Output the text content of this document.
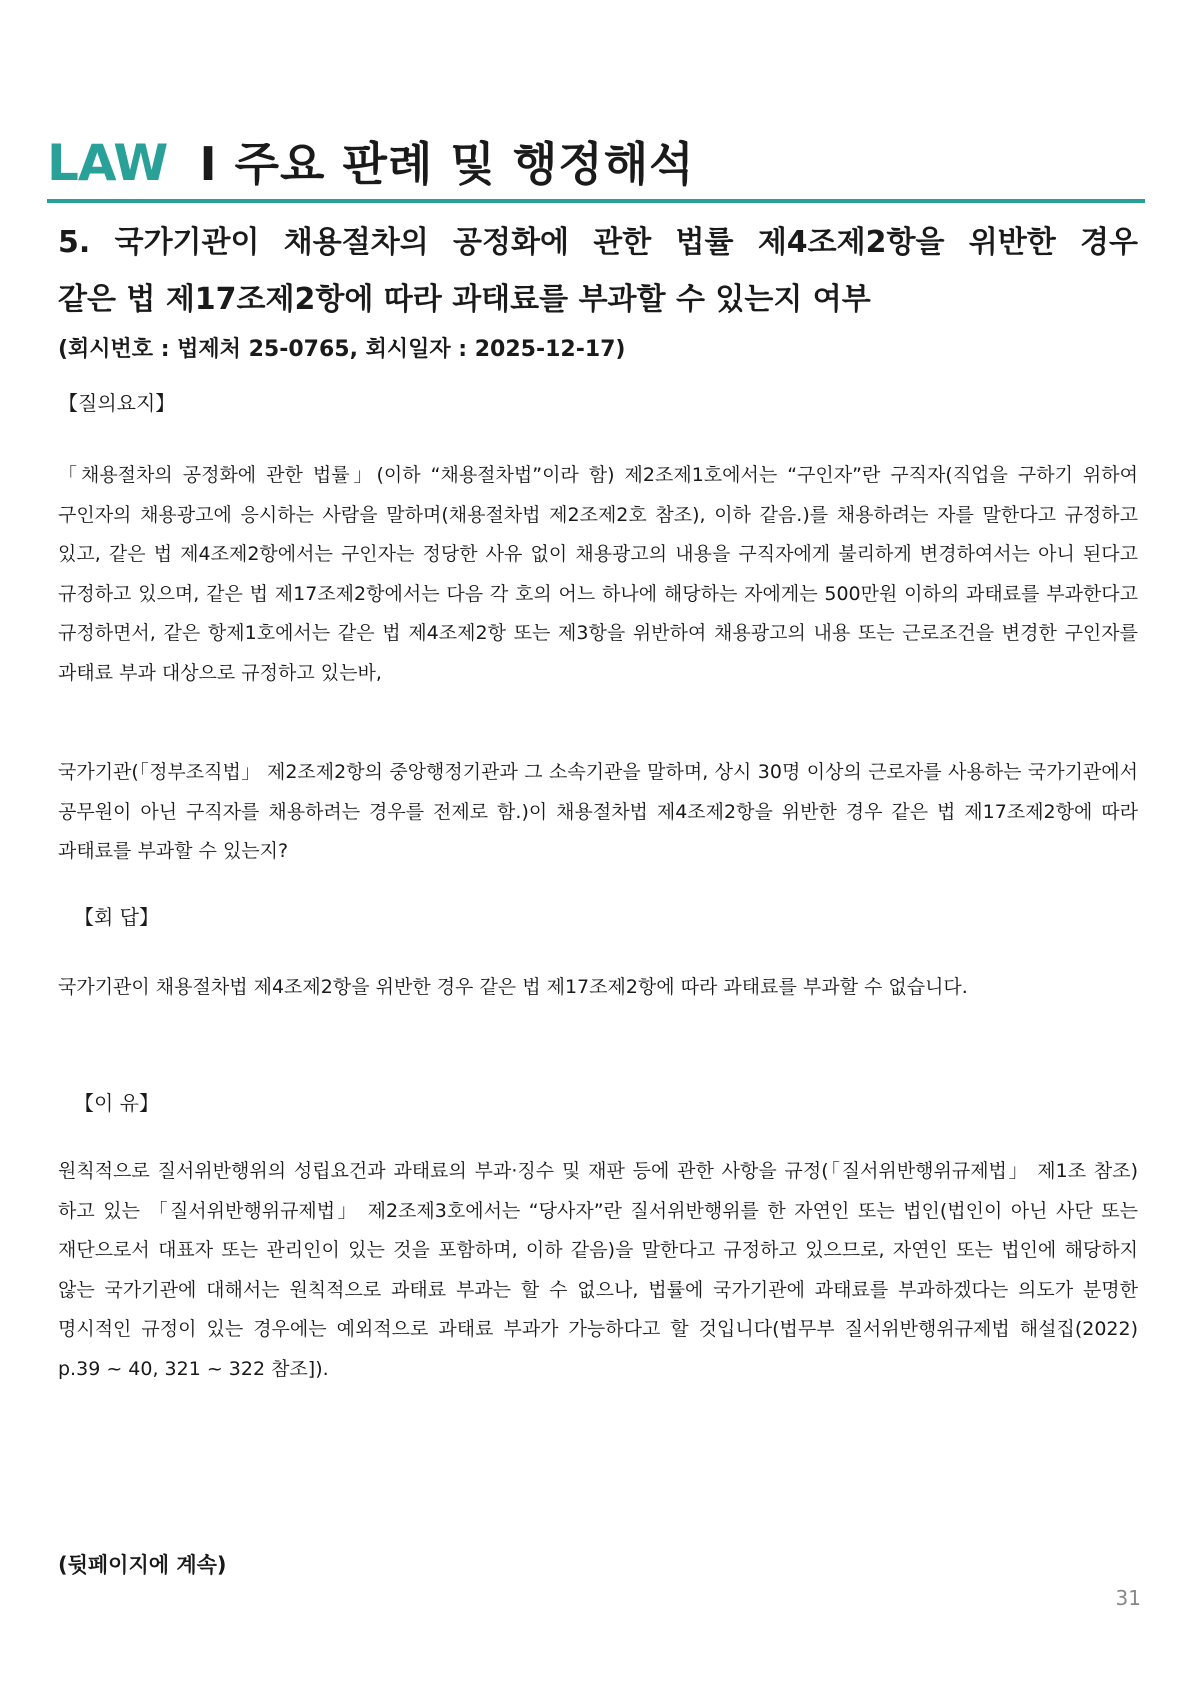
LAW I 주요 판례 및 행정해석
5. 국가기관이 채용절차의 공정화에 관한 법률 제4조제2항을 위반한 경우
같은 법 제17조제2항에 따라 과태료를 부과할 수 있는지 여부
(회시번호 : 법제처 25-0765, 회시일자 : 2025-12-17)
【질의요지】
「채용절차의 공정화에 관한 법률」(이하 “채용절차법”이라 함) 제2조제1호에서는 “구인자”란 구직자(직업을 구하기 위하여 구인자의 채용광고에 응시하는 사람을 말하며(채용절차법 제2조제2호 참조), 이하 같음.)를 채용하려는 자를 말한다고 규정하고 있고, 같은 법 제4조제2항에서는 구인자는 정당한 사유 없이 채용광고의 내용을 구직자에게 불리하게 변경하여서는 아니 된다고 규정하고 있으며, 같은 법 제17조제2항에서는 다음 각 호의 어느 하나에 해당하는 자에게는 500만원 이하의 과태료를 부과한다고 규정하면서, 같은 항제1호에서는 같은 법 제4조제2항 또는 제3항을 위반하여 채용광고의 내용 또는 근로조건을 변경한 구인자를 과태료 부과 대상으로 규정하고 있는바,
국가기관(「정부조직법」 제2조제2항의 중앙행정기관과 그 소속기관을 말하며, 상시 30명 이상의 근로자를 사용하는 국가기관에서 공무원이 아닌 구직자를 채용하려는 경우를 전제로 함.)이 채용절차법 제4조제2항을 위반한 경우 같은 법 제17조제2항에 따라 과태료를 부과할 수 있는지?
【회 답】
국가기관이 채용절차법 제4조제2항을 위반한 경우 같은 법 제17조제2항에 따라 과태료를 부과할 수 없습니다.
【이 유】
원칙적으로 질서위반행위의 성립요건과 과태료의 부과·징수 및 재판 등에 관한 사항을 규정(「질서위반행위규제법」 제1조 참조)하고 있는 「질서위반행위규제법」 제2조제3호에서는 “당사자”란 질서위반행위를 한 자연인 또는 법인(법인이 아닌 사단 또는 재단으로서 대표자 또는 관리인이 있는 것을 포함하며, 이하 같음)을 말한다고 규정하고 있으므로, 자연인 또는 법인에 해당하지 않는 국가기관에 대해서는 원칙적으로 과태료 부과는 할 수 없으나, 법률에 국가기관에 과태료를 부과하겠다는 의도가 분명한 명시적인 규정이 있는 경우에는 예외적으로 과태료 부과가 가능하다고 할 것입니다(법무부 질서위반행위규제법 해설집(2022) p.39 ~ 40, 321 ~ 322 참조]).
(뒷페이지에 계속)
31
